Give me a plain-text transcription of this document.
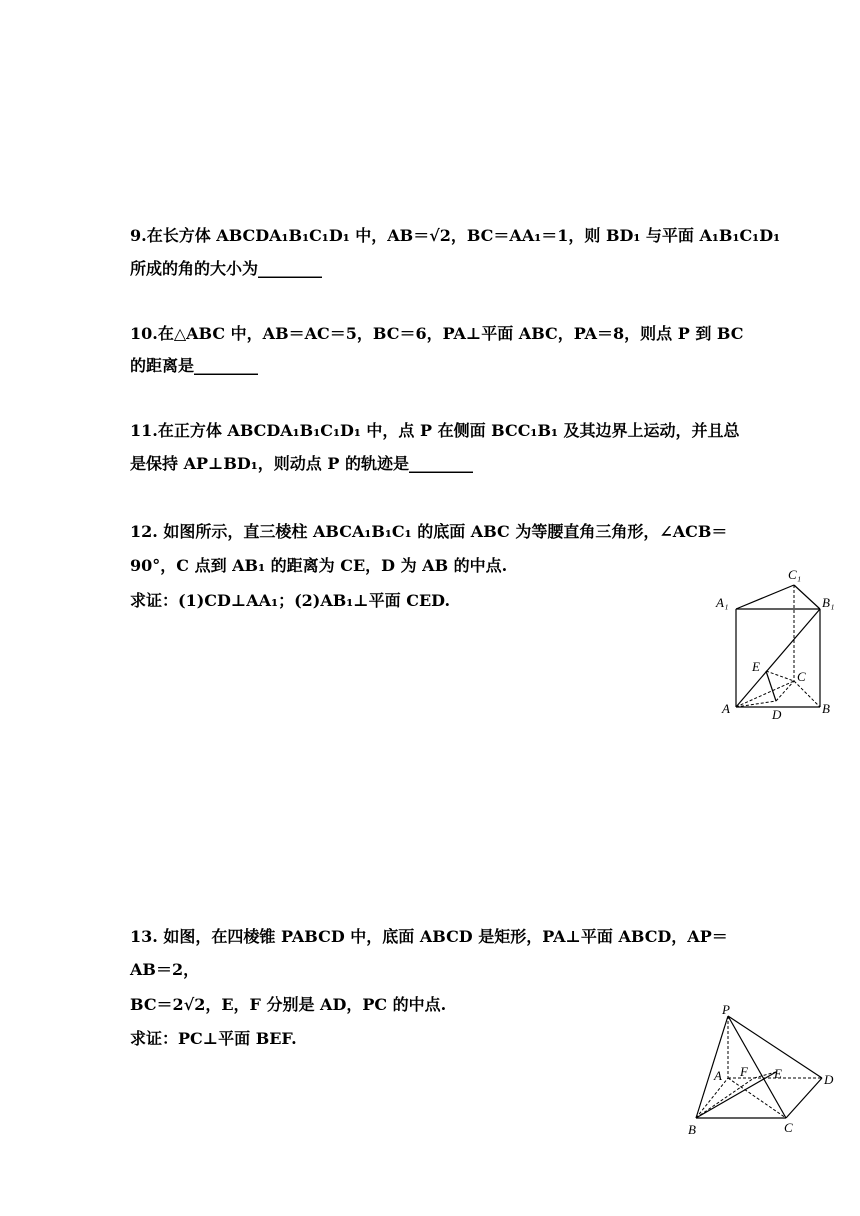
9.在长方体 ABCDA₁B₁C₁D₁ 中，AB＝√2，BC＝AA₁＝1，则 BD₁ 与平面 A₁B₁C₁D₁
所成的角的大小为________
10.在△ABC 中，AB＝AC＝5，BC＝6，PA⊥平面 ABC，PA＝8，则点 P 到 BC
的距离是________
11.在正方体 ABCDA₁B₁C₁D₁ 中，点 P 在侧面 BCC₁B₁ 及其边界上运动，并且总
是保持 AP⊥BD₁，则动点 P 的轨迹是________
12. 如图所示，直三棱柱 ABCA₁B₁C₁ 的底面 ABC 为等腰直角三角形，∠ACB＝
90°，C 点到 AB₁ 的距离为 CE，D 为 AB 的中点.
求证：(1)CD⊥AA₁；(2)AB₁⊥平面 CED.
C₁
A₁	B₁
E
C
A	D	B
13. 如图，在四棱锥 PABCD 中，底面 ABCD 是矩形，PA⊥平面 ABCD，AP＝
AB＝2，
BC＝2√2，E，F 分别是 AD，PC 的中点.
求证：PC⊥平面 BEF.
P
A F E	D
B	C
